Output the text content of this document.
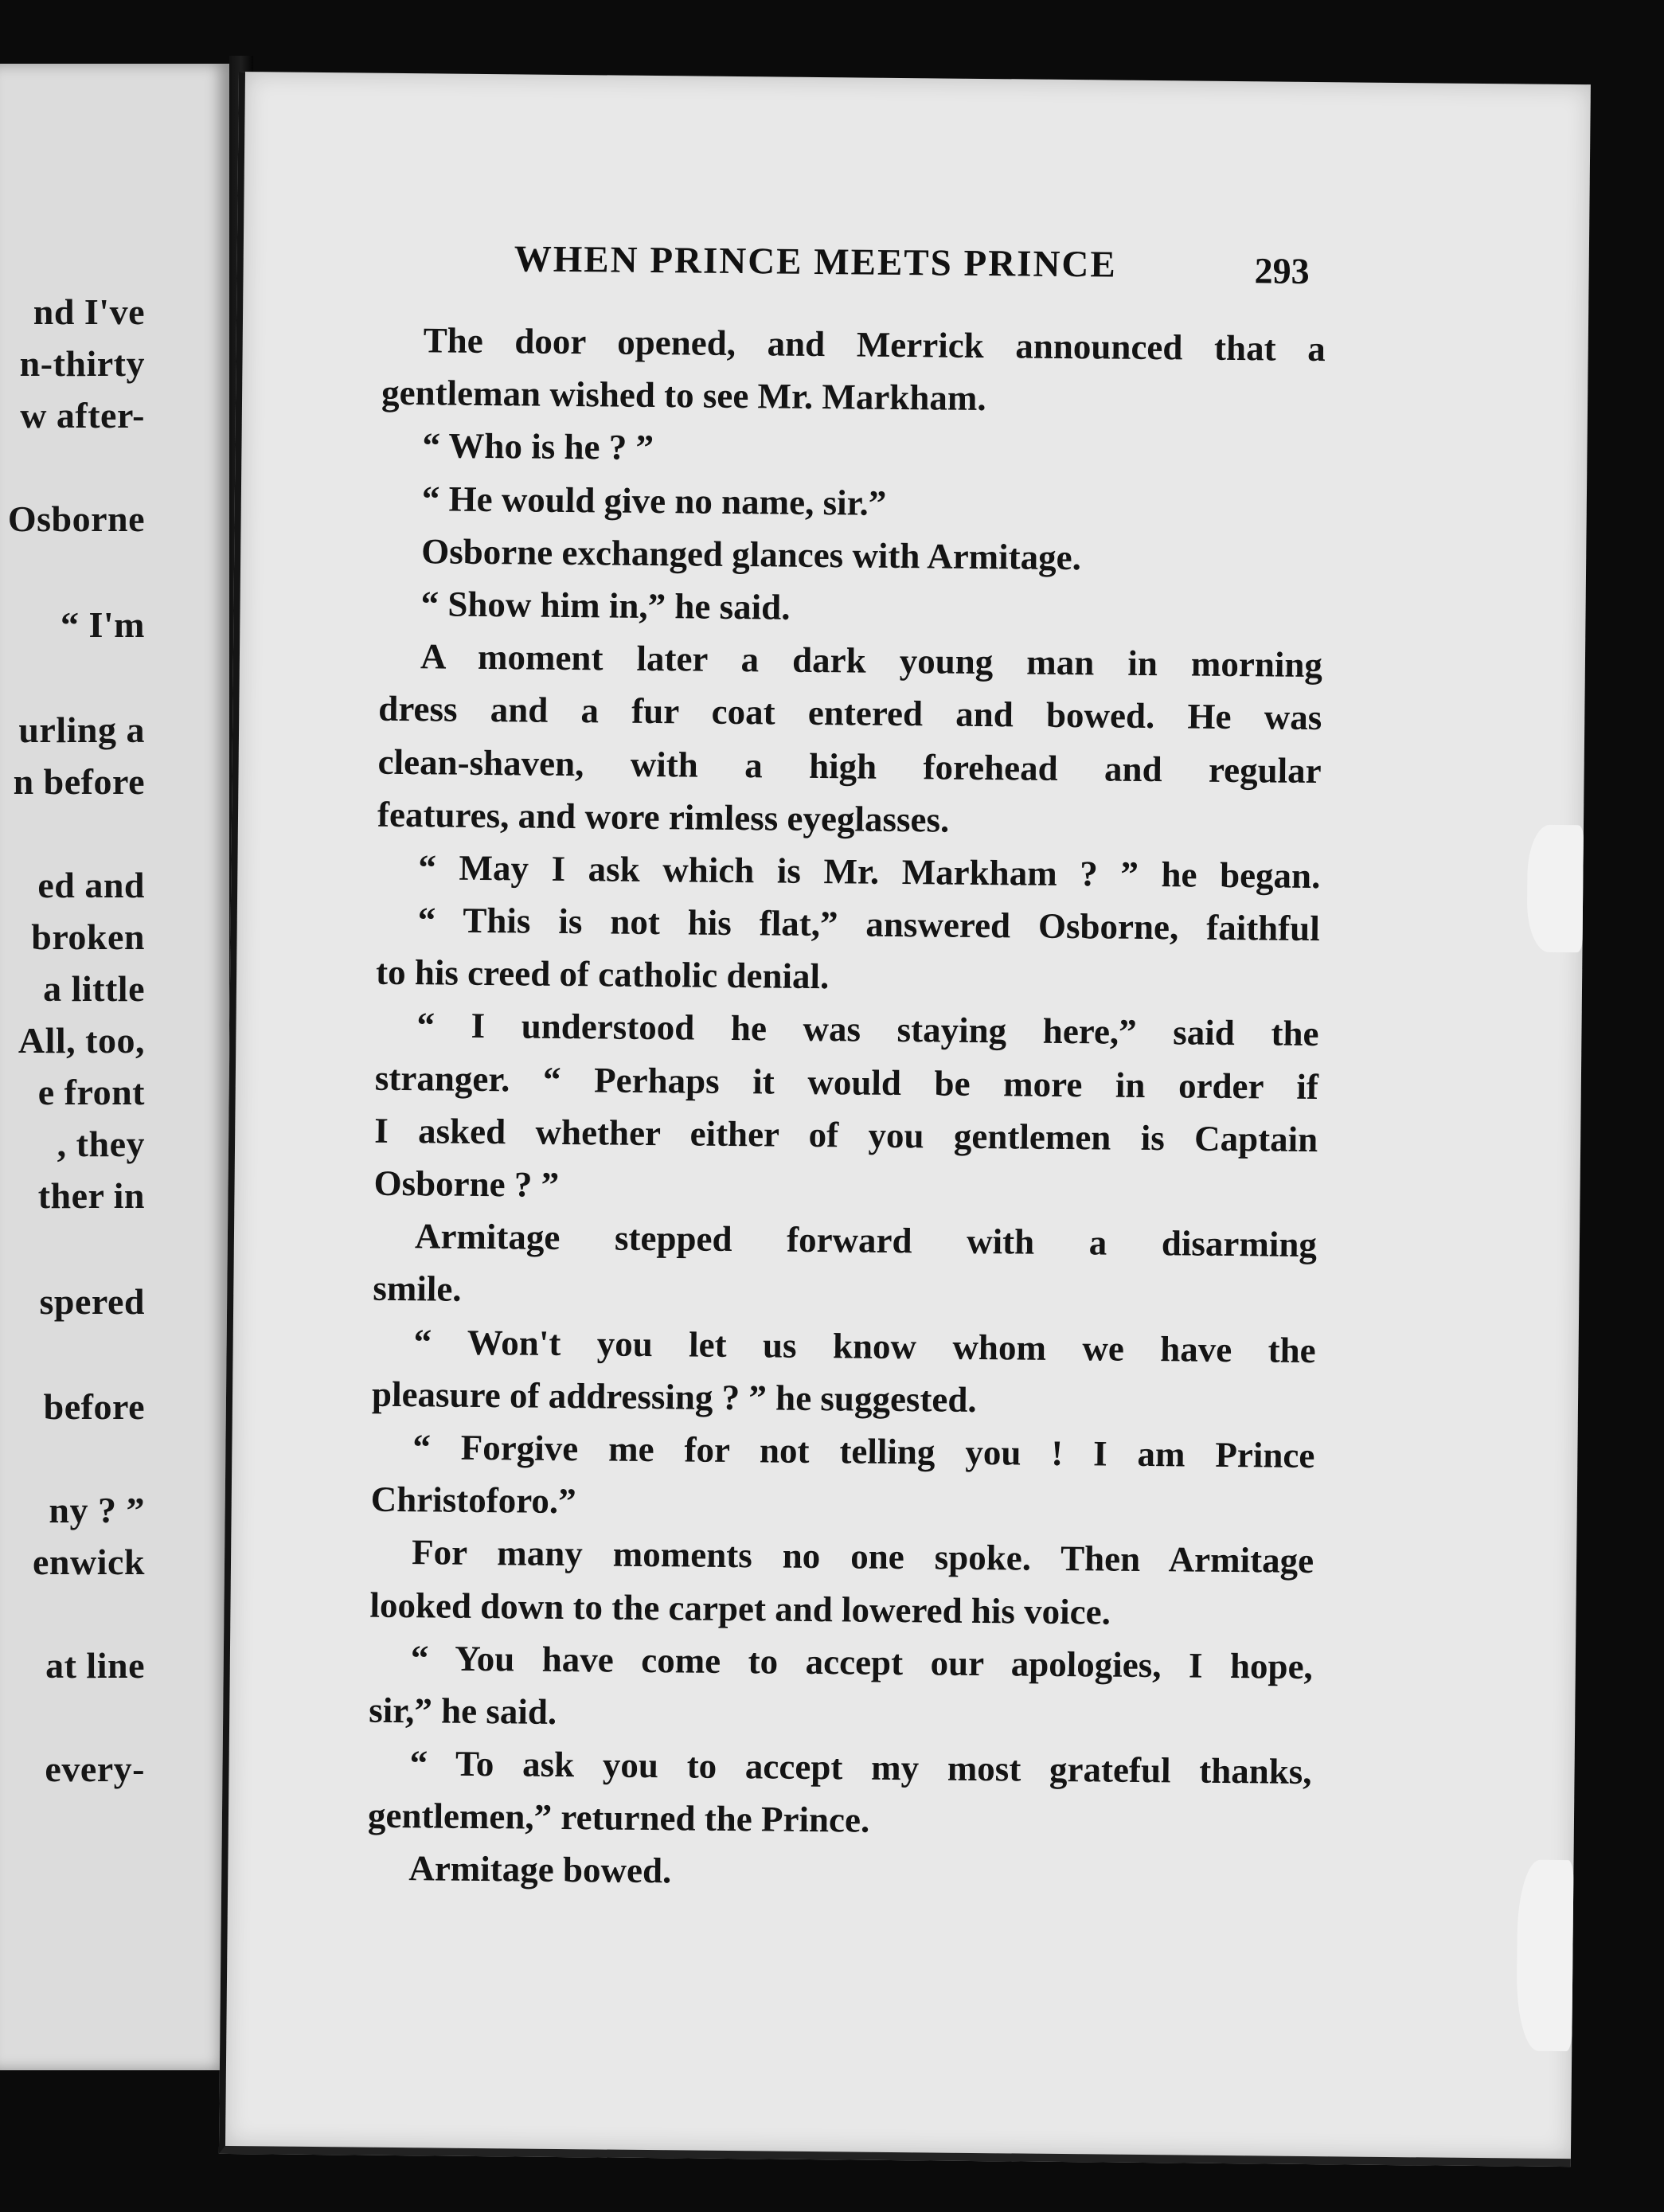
nd I've

n-thirty

w after-

Osborne

“ I'm

urling a

n before

ed and

broken

a little

All, too,

e front

, they

ther in

spered

before

ny ? ”

enwick

at line

every-

WHEN PRINCE MEETS PRINCE	293

The door opened, and Merrick announced that a
gentleman wished to see Mr. Markham.
“ Who is he ? ”
“ He would give no name, sir.”
Osborne exchanged glances with Armitage.
“ Show him in,” he said.
A moment later a dark young man in morning
dress and a fur coat entered and bowed. He was
clean-shaven, with a high forehead and regular
features, and wore rimless eyeglasses.
“ May I ask which is Mr. Markham ? ” he began.
“ This is not his flat,” answered Osborne, faithful
to his creed of catholic denial.
“ I understood he was staying here,” said the
stranger. “ Perhaps it would be more in order if
I asked whether either of you gentlemen is Captain
Osborne ? ”
Armitage stepped forward with a disarming
smile.
“ Won't you let us know whom we have the
pleasure of addressing ? ” he suggested.
“ Forgive me for not telling you ! I am Prince
Christoforo.”
For many moments no one spoke. Then Armitage
looked down to the carpet and lowered his voice.
“ You have come to accept our apologies, I hope,
sir,” he said.
“ To ask you to accept my most grateful thanks,
gentlemen,” returned the Prince.
Armitage bowed.
